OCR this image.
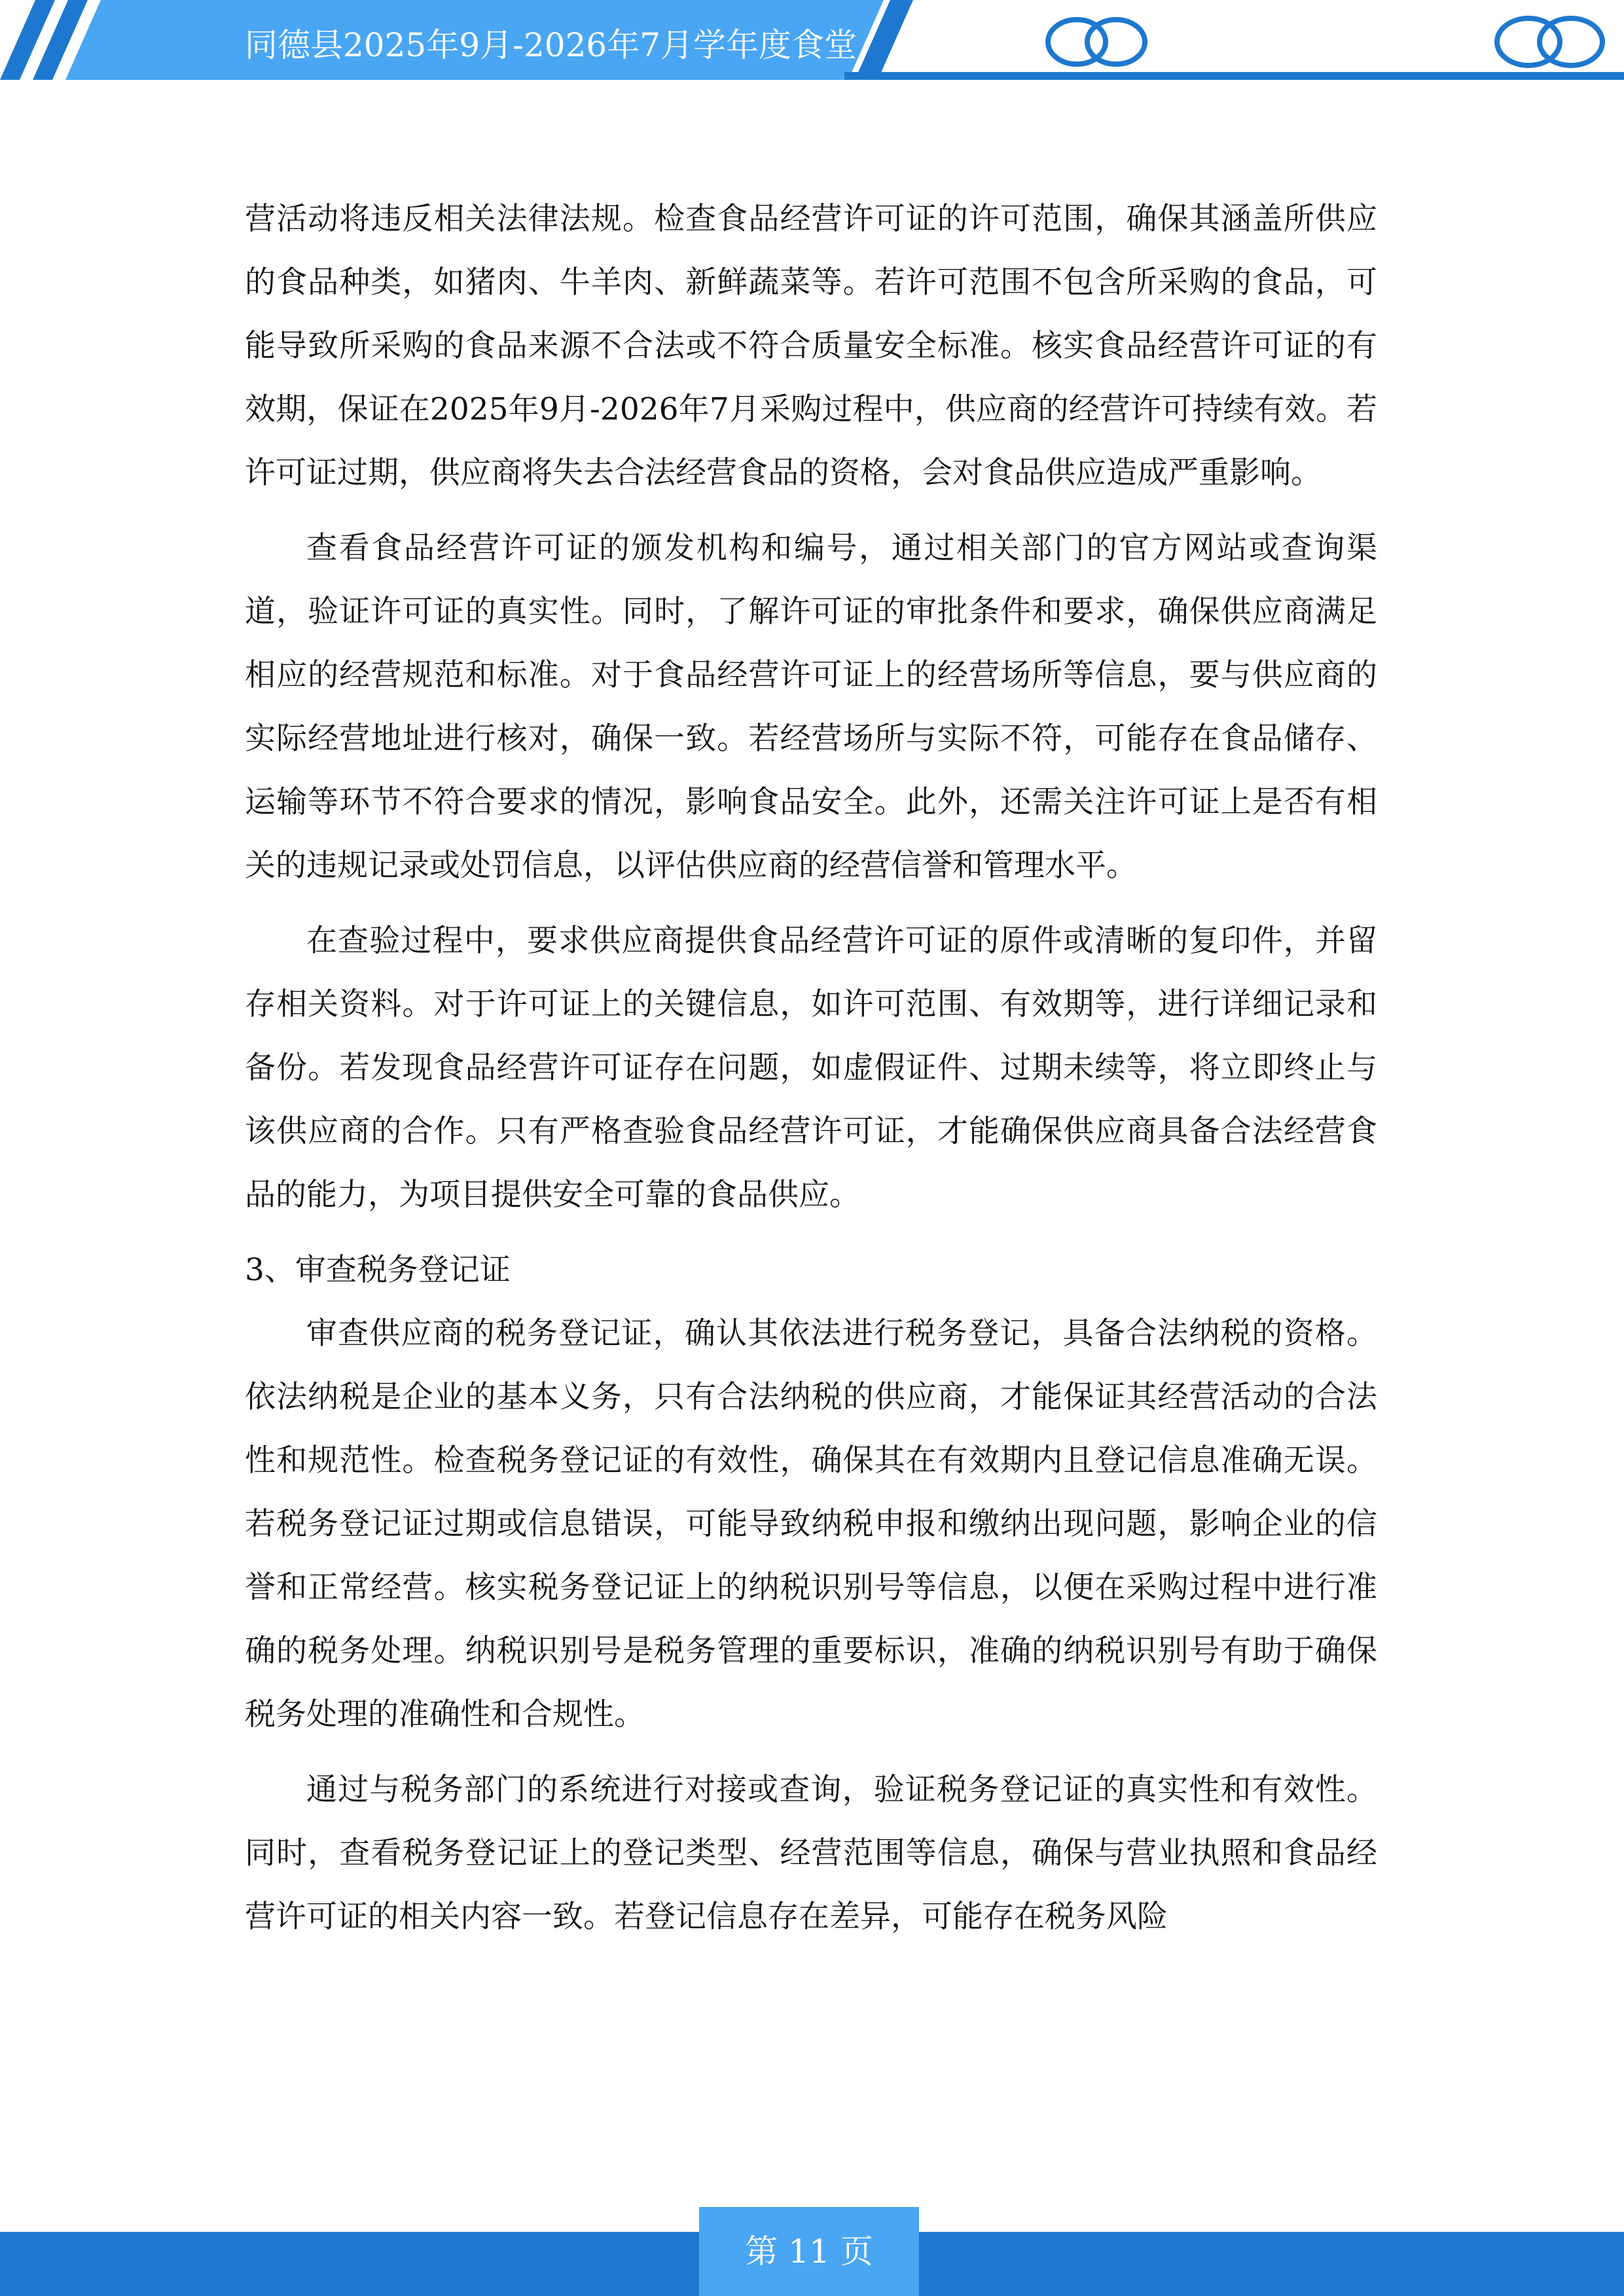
同德县2025年9月-2026年7月学年度食堂

营活动将违反相关法律法规。检查食品经营许可证的许可范围，确保其涵盖所供应的食品种类，如猪肉、牛羊肉、新鲜蔬菜等。若许可范围不包含所采购的食品，可能导致所采购的食品来源不合法或不符合质量安全标准。核实食品经营许可证的有效期，保证在2025年9月-2026年7月采购过程中，供应商的经营许可持续有效。若许可证过期，供应商将失去合法经营食品的资格，会对食品供应造成严重影响。

查看食品经营许可证的颁发机构和编号，通过相关部门的官方网站或查询渠道，验证许可证的真实性。同时，了解许可证的审批条件和要求，确保供应商满足相应的经营规范和标准。对于食品经营许可证上的经营场所等信息，要与供应商的实际经营地址进行核对，确保一致。若经营场所与实际不符，可能存在食品储存、运输等环节不符合要求的情况，影响食品安全。此外，还需关注许可证上是否有相关的违规记录或处罚信息，以评估供应商的经营信誉和管理水平。

在查验过程中，要求供应商提供食品经营许可证的原件或清晰的复印件，并留存相关资料。对于许可证上的关键信息，如许可范围、有效期等，进行详细记录和备份。若发现食品经营许可证存在问题，如虚假证件、过期未续等，将立即终止与该供应商的合作。只有严格查验食品经营许可证，才能确保供应商具备合法经营食品的能力，为项目提供安全可靠的食品供应。

3、审查税务登记证

审查供应商的税务登记证，确认其依法进行税务登记，具备合法纳税的资格。依法纳税是企业的基本义务，只有合法纳税的供应商，才能保证其经营活动的合法性和规范性。检查税务登记证的有效性，确保其在有效期内且登记信息准确无误。若税务登记证过期或信息错误，可能导致纳税申报和缴纳出现问题，影响企业的信誉和正常经营。核实税务登记证上的纳税识别号等信息，以便在采购过程中进行准确的税务处理。纳税识别号是税务管理的重要标识，准确的纳税识别号有助于确保税务处理的准确性和合规性。

通过与税务部门的系统进行对接或查询，验证税务登记证的真实性和有效性。同时，查看税务登记证上的登记类型、经营范围等信息，确保与营业执照和食品经营许可证的相关内容一致。若登记信息存在差异，可能存在税务风险

第 11 页
